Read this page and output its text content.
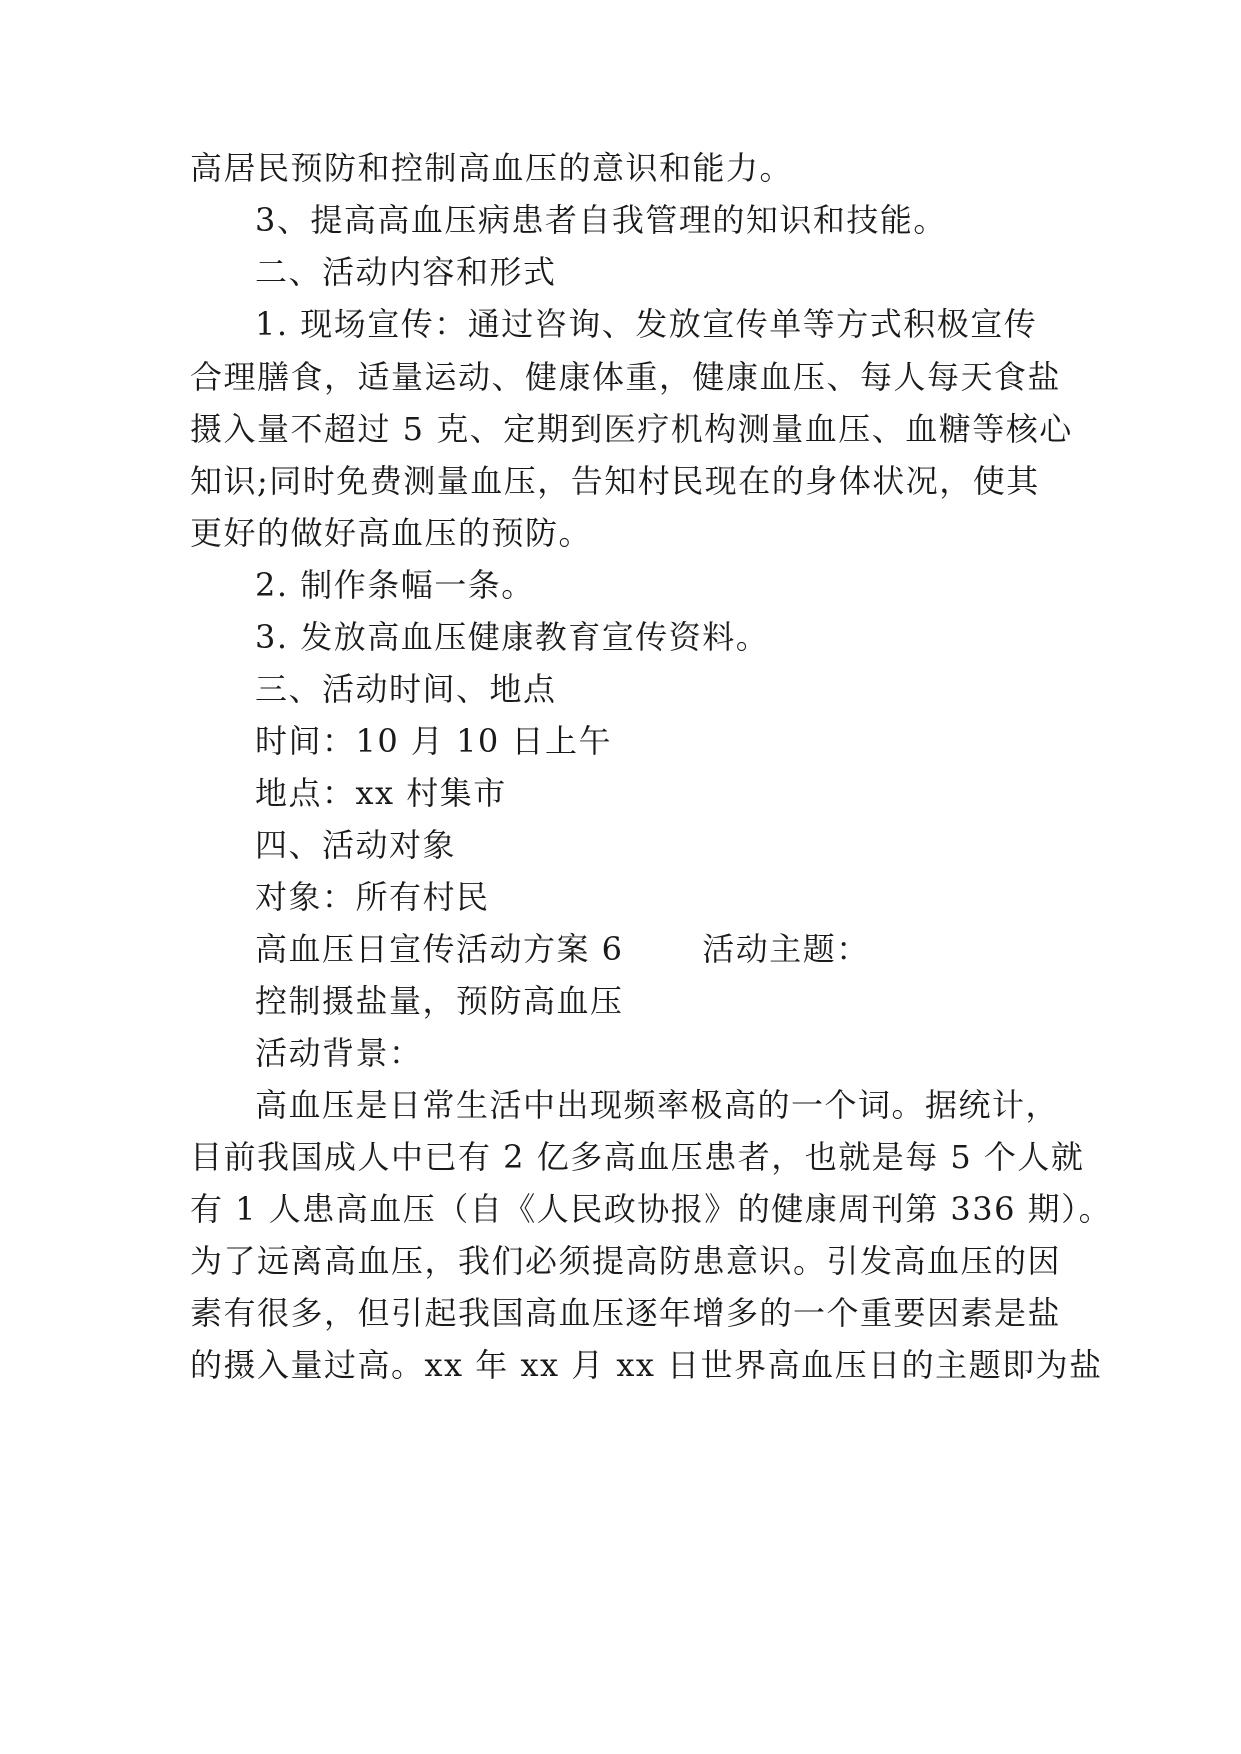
高居民预防和控制高血压的意识和能力。
3、提高高血压病患者自我管理的知识和技能。
二、活动内容和形式
1. 现场宣传：通过咨询、发放宣传单等方式积极宣传
合理膳食，适量运动、健康体重，健康血压、每人每天食盐
摄入量不超过 5 克、定期到医疗机构测量血压、血糖等核心
知识;同时免费测量血压，告知村民现在的身体状况，使其
更好的做好高血压的预防。
2. 制作条幅一条。
3. 发放高血压健康教育宣传资料。
三、活动时间、地点
时间：10 月 10 日上午
地点：xx 村集市
四、活动对象
对象：所有村民
高血压日宣传活动方案 6　　 活动主题：
控制摄盐量，预防高血压
活动背景：
高血压是日常生活中出现频率极高的一个词。据统计，
目前我国成人中已有 2 亿多高血压患者，也就是每 5 个人就
有 1 人患高血压（自《人民政协报》的健康周刊第 336 期）。
为了远离高血压，我们必须提高防患意识。引发高血压的因
素有很多，但引起我国高血压逐年增多的一个重要因素是盐
的摄入量过高。xx 年 xx 月 xx 日世界高血压日的主题即为盐
